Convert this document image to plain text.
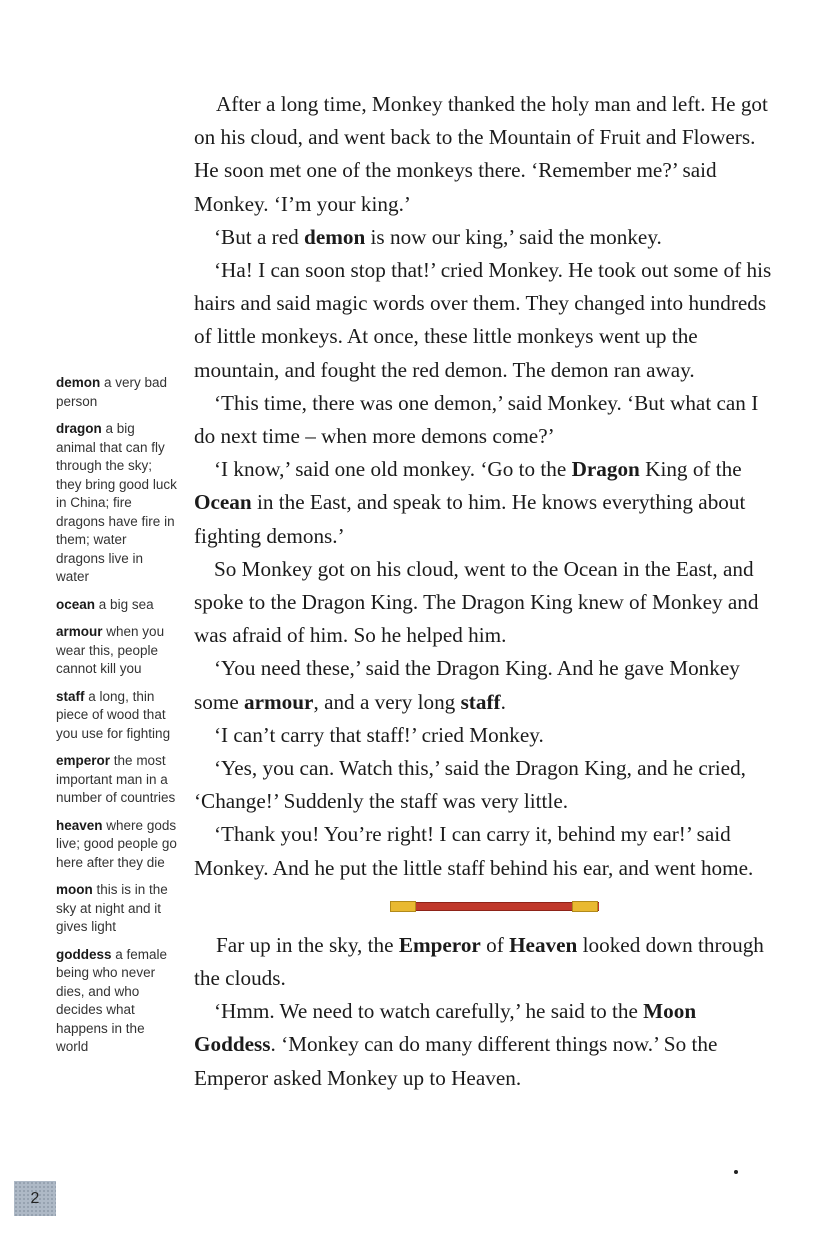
demon a very bad person
dragon a big animal that can fly through the sky; they bring good luck in China; fire dragons have fire in them; water dragons live in water
ocean a big sea
armour when you wear this, people cannot kill you
staff a long, thin piece of wood that you use for fighting
emperor the most important man in a number of countries
heaven where gods live; good people go here after they die
moon this is in the sky at night and it gives light
goddess a female being who never dies, and who decides what happens in the world

After a long time, Monkey thanked the holy man and left. He got on his cloud, and went back to the Mountain of Fruit and Flowers. He soon met one of the monkeys there. ‘Remember me?’ said Monkey. ‘I’m your king.’

‘But a red demon is now our king,’ said the monkey.

‘Ha! I can soon stop that!’ cried Monkey. He took out some of his hairs and said magic words over them. They changed into hundreds of little monkeys. At once, these little monkeys went up the mountain, and fought the red demon. The demon ran away.

‘This time, there was one demon,’ said Monkey. ‘But what can I do next time – when more demons come?’

‘I know,’ said one old monkey. ‘Go to the Dragon King of the Ocean in the East, and speak to him. He knows everything about fighting demons.’

So Monkey got on his cloud, went to the Ocean in the East, and spoke to the Dragon King. The Dragon King knew of Monkey and was afraid of him. So he helped him.

‘You need these,’ said the Dragon King. And he gave Monkey some armour, and a very long staff.

‘I can’t carry that staff!’ cried Monkey.

‘Yes, you can. Watch this,’ said the Dragon King, and he cried, ‘Change!’ Suddenly the staff was very little.

‘Thank you! You’re right! I can carry it, behind my ear!’ said Monkey. And he put the little staff behind his ear, and went home.

Far up in the sky, the Emperor of Heaven looked down through the clouds.

‘Hmm. We need to watch carefully,’ he said to the Moon Goddess. ‘Monkey can do many different things now.’ So the Emperor asked Monkey up to Heaven.

2
